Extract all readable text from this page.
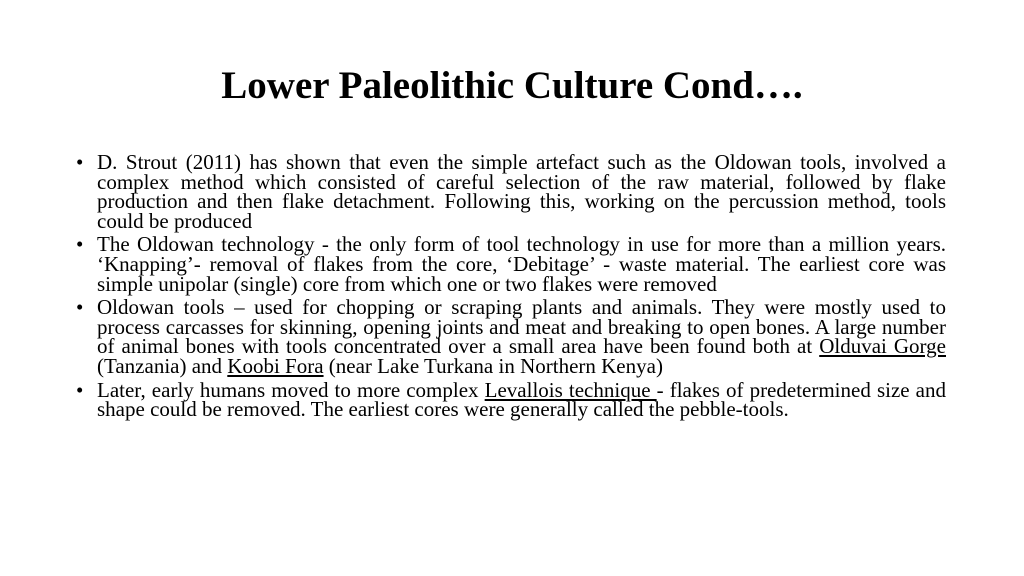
Lower Paleolithic Culture Cond….
• D. Strout (2011) has shown that even the simple artefact such as the Oldowan tools, involved a complex method which consisted of careful selection of the raw material, followed by flake production and then flake detachment. Following this, working on the percussion method, tools could be produced
• The Oldowan technology - the only form of tool technology in use for more than a million years. ‘Knapping’- removal of flakes from the core, ‘Debitage’ - waste material. The earliest core was simple unipolar (single) core from which one or two flakes were removed
• Oldowan tools – used for chopping or scraping plants and animals. They were mostly used to process carcasses for skinning, opening joints and meat and breaking to open bones. A large number of animal bones with tools concentrated over a small area have been found both at Olduvai Gorge (Tanzania) and Koobi Fora (near Lake Turkana in Northern Kenya)
• Later, early humans moved to more complex Levallois technique - flakes of predetermined size and shape could be removed. The earliest cores were generally called the pebble-tools.
